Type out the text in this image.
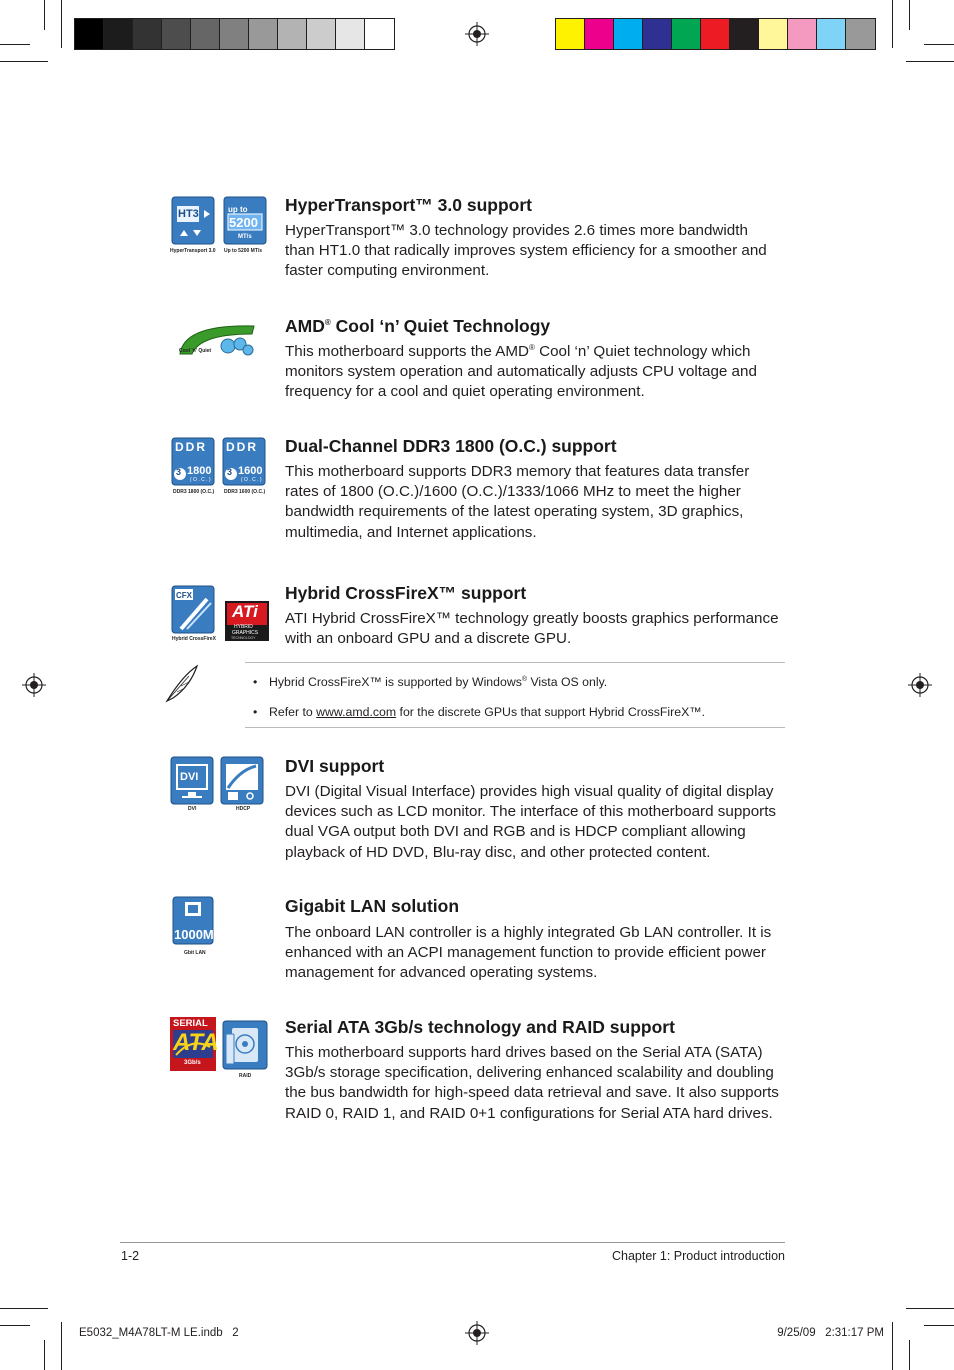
HT3
HyperTransport 3.0
up to
5200
MT/s
Up to 5200 MT/s
HyperTransport™ 3.0 support
HyperTransport™ 3.0 technology provides 2.6 times more bandwidth than HT1.0 that radically improves system efficiency for a smoother and faster computing environment.
Cool 'n' Quiet
AMD® Cool ‘n’ Quiet Technology
This motherboard supports the AMD® Cool ‘n’ Quiet technology which monitors system operation and automatically adjusts CPU voltage and frequency for a cool and quiet operating environment.
DDR
3 1800
( O . C . )
DDR3 1800 (O.C.)
DDR
3 1600
( O . C . )
DDR3 1600 (O.C.)
Dual-Channel DDR3 1800 (O.C.) support
This motherboard supports DDR3 memory that features data transfer rates of 1800 (O.C.)/1600 (O.C.)/1333/1066 MHz to meet the higher bandwidth requirements of the latest operating system, 3D graphics, multimedia, and Internet applications.
CFX
Hybrid CrossFireX
ATi
HYBRID
GRAPHICS
TECHNOLOGY
Hybrid CrossFireX™ support
ATI Hybrid CrossFireX™ technology greatly boosts graphics performance with an onboard GPU and a discrete GPU.
• Hybrid CrossFireX™ is supported by Windows® Vista OS only.
• Refer to www.amd.com for the discrete GPUs that support Hybrid CrossFireX™.
DVI
DVI	HDCP
DVI support
DVI (Digital Visual Interface) provides high visual quality of digital display devices such as LCD monitor. The interface of this motherboard supports dual VGA output both DVI and RGB and is HDCP compliant allowing playback of HD DVD, Blu-ray disc, and other protected content.
1000M
Gbit LAN
Gigabit LAN solution
The onboard LAN controller is a highly integrated Gb LAN controller. It is enhanced with an ACPI management function to provide efficient power management for advanced operating systems.
SERIAL
ATA
3Gb/s
RAID
Serial ATA 3Gb/s technology and RAID support
This motherboard supports hard drives based on the Serial ATA (SATA) 3Gb/s storage specification, delivering enhanced scalability and doubling the bus bandwidth for high-speed data retrieval and save. It also supports RAID 0, RAID 1, and RAID 0+1 configurations for Serial ATA hard drives.
1-2	Chapter 1: Product introduction
E5032_M4A78LT-M LE.indb   2	9/25/09   2:31:17 PM
